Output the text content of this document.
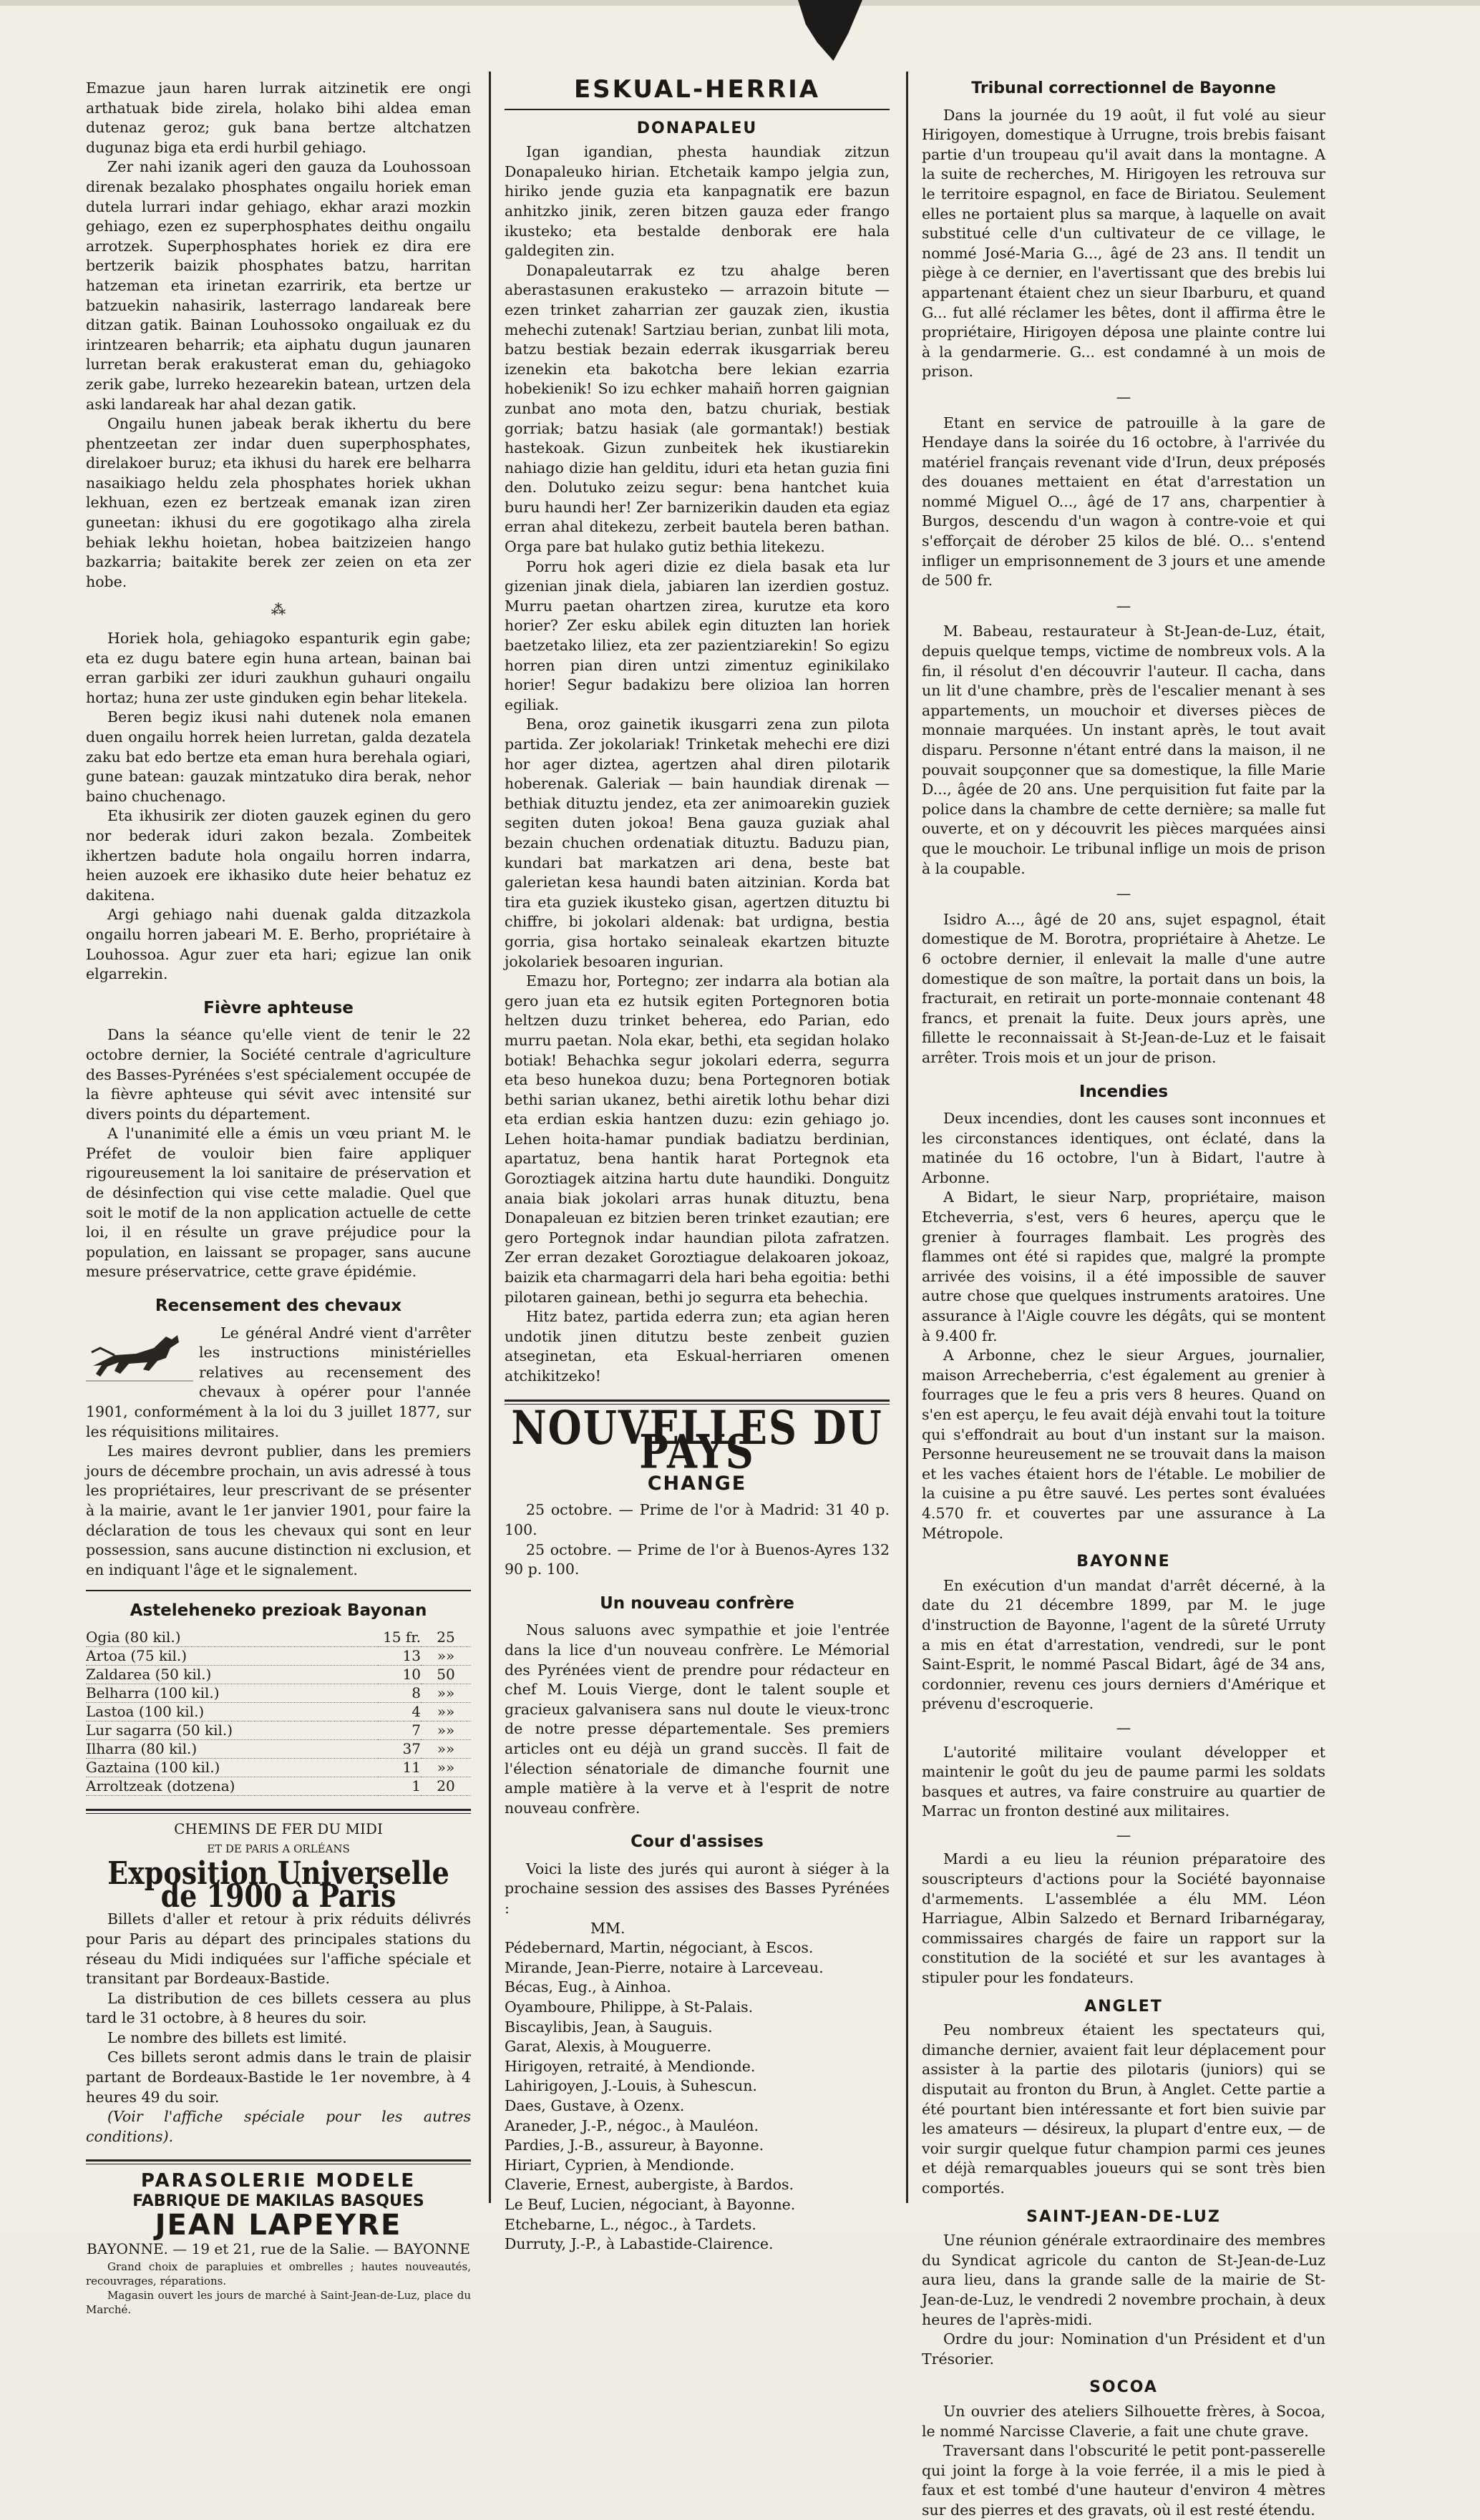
Emazue jaun haren lurrak aitzinetik ere ongi arthatuak bide zirela, holako bihi aldea eman dutenaz geroz; guk bana bertze altchatzen dugunaz biga eta erdi hurbil gehiago.

Zer nahi izanik ageri den gauza da Louhossoan direnak bezalako phosphates ongailu horiek eman dutela lurrari indar gehiago, ekhar arazi mozkin gehiago, ezen ez superphosphates deithu ongailu arrotzek. Superphosphates horiek ez dira ere bertzerik baizik phosphates batzu, harritan hatzeman eta irinetan ezarririk, eta bertze ur batzuekin nahasirik, lasterrago landareak bere ditzan gatik. Bainan Louhossoko ongailuak ez du irintzearen beharrik; eta aiphatu dugun jaunaren lurretan berak erakusterat eman du, gehiagoko zerik gabe, lurreko hezearekin batean, urtzen dela aski landareak har ahal dezan gatik.

Ongailu hunen jabeak berak ikhertu du bere phentzeetan zer indar duen superphosphates, direlakoer buruz; eta ikhusi du harek ere belharra nasaikiago heldu zela phosphates horiek ukhan lekhuan, ezen ez bertzeak emanak izan ziren guneetan: ikhusi du ere gogotikago alha zirela behiak lekhu hoietan, hobea baitzizeien hango bazkarria; baitakite berek zer zeien on eta zer hobe.

⁂

Horiek hola, gehiagoko espanturik egin gabe; eta ez dugu batere egin huna artean, bainan bai erran garbiki zer iduri zaukhun guhauri ongailu hortaz; huna zer uste ginduken egin behar litekela.

Beren begiz ikusi nahi dutenek nola emanen duen ongailu horrek heien lurretan, galda dezatela zaku bat edo bertze eta eman hura berehala ogiari, gune batean: gauzak mintzatuko dira berak, nehor baino chuchenago.

Eta ikhusirik zer dioten gauzek eginen du gero nor bederak iduri zakon bezala. Zombeitek ikhertzen badute hola ongailu horren indarra, heien auzoek ere ikhasiko dute heier behatuz ez dakitena.

Argi gehiago nahi duenak galda ditzazkola ongailu horren jabeari M. E. Berho, propriétaire à Louhossoa. Agur zuer eta hari; egizue lan onik elgarrekin.

Fièvre aphteuse

Dans la séance qu'elle vient de tenir le 22 octobre dernier, la Société centrale d'agriculture des Basses-Pyrénées s'est spécialement occupée de la fièvre aphteuse qui sévit avec intensité sur divers points du département.

A l'unanimité elle a émis un vœu priant M. le Préfet de vouloir bien faire appliquer rigoureusement la loi sanitaire de préservation et de désinfection qui vise cette maladie. Quel que soit le motif de la non application actuelle de cette loi, il en résulte un grave préjudice pour la population, en laissant se propager, sans aucune mesure préservatrice, cette grave épidémie.

Recensement des chevaux

Le général André vient d'arrêter les instructions ministérielles relatives au recensement des chevaux à opérer pour l'année 1901, conformément à la loi du 3 juillet 1877, sur les réquisitions militaires.

Les maires devront publier, dans les premiers jours de décembre prochain, un avis adressé à tous les propriétaires, leur prescrivant de se présenter à la mairie, avant le 1er janvier 1901, pour faire la déclaration de tous les chevaux qui sont en leur possession, sans aucune distinction ni exclusion, et en indiquant l'âge et le signalement.

Asteleheneko prezioak Bayonan
Ogia (80 kil.)	15 fr.	25
Artoa (75 kil.)	13	»»
Zaldarea (50 kil.)	10	50
Belharra (100 kil.)	8	»»
Lastoa (100 kil.)	4	»»
Lur sagarra (50 kil.)	7	»»
Ilharra (80 kil.)	37	»»
Gaztaina (100 kil.)	11	»»
Arroltzeak (dotzena)	1	20
CHEMINS DE FER DU MIDI
ET DE PARIS A ORLÉANS
Exposition Universelle de 1900 à Paris

Billets d'aller et retour à prix réduits délivrés pour Paris au départ des principales stations du réseau du Midi indiquées sur l'affiche spéciale et transitant par Bordeaux-Bastide.

La distribution de ces billets cessera au plus tard le 31 octobre, à 8 heures du soir.

Le nombre des billets est limité.

Ces billets seront admis dans le train de plaisir partant de Bordeaux-Bastide le 1er novembre, à 4 heures 49 du soir.

(Voir l'affiche spéciale pour les autres conditions).

PARASOLERIE MODELE
FABRIQUE DE MAKILAS BASQUES
JEAN LAPEYRE
BAYONNE. — 19 et 21, rue de la Salie. — BAYONNE

Grand choix de parapluies et ombrelles ; hautes nouveautés, recouvrages, réparations.

Magasin ouvert les jours de marché à Saint-Jean-de-Luz, place du Marché.

ESKUAL-HERRIA
DONAPALEU

Igan igandian, phesta haundiak zitzun Donapaleuko hirian. Etchetaik kampo jelgia zun, hiriko jende guzia eta kanpagnatik ere bazun anhitzko jinik, zeren bitzen gauza eder frango ikusteko; eta bestalde denborak ere hala galdegiten zin.

Donapaleutarrak ez tzu ahalge beren aberastasunen erakusteko — arrazoin bitute — ezen trinket zaharrian zer gauzak zien, ikustia mehechi zutenak! Sartziau berian, zunbat lili mota, batzu bestiak bezain ederrak ikusgarriak bereu izenekin eta bakotcha bere lekian ezarria hobekienik! So izu echker mahaiñ horren gaignian zunbat ano mota den, batzu churiak, bestiak gorriak; batzu hasiak (ale gormantak!) bestiak hastekoak. Gizun zunbeitek hek ikustiarekin nahiago dizie han gelditu, iduri eta hetan guzia fini den. Dolutuko zeizu segur: bena hantchet kuia buru haundi her! Zer barnizerikin dauden eta egiaz erran ahal ditekezu, zerbeit bautela beren bathan. Orga pare bat hulako gutiz bethia litekezu.

Porru hok ageri dizie ez diela basak eta lur gizenian jinak diela, jabiaren lan izerdien gostuz. Murru paetan ohartzen zirea, kurutze eta koro horier? Zer esku abilek egin dituzten lan horiek baetzetako liliez, eta zer pazientziarekin! So egizu horren pian diren untzi zimentuz eginikilako horier! Segur badakizu bere olizioa lan horren egiliak.

Bena, oroz gainetik ikusgarri zena zun pilota partida. Zer jokolariak! Trinketak mehechi ere dizi hor ager diztea, agertzen ahal diren pilotarik hoberenak. Galeriak — bain haundiak direnak — bethiak dituztu jendez, eta zer animoarekin guziek segiten duten jokoa! Bena gauza guziak ahal bezain chuchen ordenatiak dituztu. Baduzu pian, kundari bat markatzen ari dena, beste bat galerietan kesa haundi baten aitzinian. Korda bat tira eta guziek ikusteko gisan, agertzen dituztu bi chiffre, bi jokolari aldenak: bat urdigna, bestia gorria, gisa hortako seinaleak ekartzen bituzte jokolariek besoaren ingurian.

Emazu hor, Portegno; zer indarra ala botian ala gero juan eta ez hutsik egiten Portegnoren botia heltzen duzu trinket beherea, edo Parian, edo murru paetan. Nola ekar, bethi, eta segidan holako botiak! Behachka segur jokolari ederra, segurra eta beso hunekoa duzu; bena Portegnoren botiak bethi sarian ukanez, bethi airetik lothu behar dizi eta erdian eskia hantzen duzu: ezin gehiago jo. Lehen hoita-hamar pundiak badiatzu berdinian, apartatuz, bena hantik harat Portegnok eta Goroztiagek aitzina hartu dute haundiki. Donguitz anaia biak jokolari arras hunak dituztu, bena Donapaleuan ez bitzien beren trinket ezautian; ere gero Portegnok indar haundian pilota zafratzen. Zer erran dezaket Goroztiague delakoaren jokoaz, baizik eta charmagarri dela hari beha egoitia: bethi pilotaren gainean, bethi jo segurra eta behechia.

Hitz batez, partida ederra zun; eta agian heren undotik jinen ditutzu beste zenbeit guzien atseginetan, eta Eskual-herriaren omenen atchikitzeko!

NOUVELLES DU PAYS
CHANGE

25 octobre. — Prime de l'or à Madrid: 31 40 p. 100.

25 octobre. — Prime de l'or à Buenos-Ayres 132 90 p. 100.

Un nouveau confrère

Nous saluons avec sympathie et joie l'entrée dans la lice d'un nouveau confrère. Le Mémorial des Pyrénées vient de prendre pour rédacteur en chef M. Louis Vierge, dont le talent souple et gracieux galvanisera sans nul doute le vieux-tronc de notre presse départementale. Ses premiers articles ont eu déjà un grand succès. Il fait de l'élection sénatoriale de dimanche fournit une ample matière à la verve et à l'esprit de notre nouveau confrère.

Cour d'assises

Voici la liste des jurés qui auront à siéger à la prochaine session des assises des Basses Pyrénées :

MM.

Pédebernard, Martin, négociant, à Escos.

Mirande, Jean-Pierre, notaire à Larceveau.

Bécas, Eug., à Ainhoa.

Oyamboure, Philippe, à St-Palais.

Biscaylibis, Jean, à Sauguis.

Garat, Alexis, à Mouguerre.

Hirigoyen, retraité, à Mendionde.

Lahirigoyen, J.-Louis, à Suhescun.

Daes, Gustave, à Ozenx.

Araneder, J.-P., négoc., à Mauléon.

Pardies, J.-B., assureur, à Bayonne.

Hiriart, Cyprien, à Mendionde.

Claverie, Ernest, aubergiste, à Bardos.

Le Beuf, Lucien, négociant, à Bayonne.

Etchebarne, L., négoc., à Tardets.

Durruty, J.-P., à Labastide-Clairence.

Tribunal correctionnel de Bayonne

Dans la journée du 19 août, il fut volé au sieur Hirigoyen, domestique à Urrugne, trois brebis faisant partie d'un troupeau qu'il avait dans la montagne. A la suite de recherches, M. Hirigoyen les retrouva sur le territoire espagnol, en face de Biriatou. Seulement elles ne portaient plus sa marque, à laquelle on avait substitué celle d'un cultivateur de ce village, le nommé José-Maria G..., âgé de 23 ans. Il tendit un piège à ce dernier, en l'avertissant que des brebis lui appartenant étaient chez un sieur Ibarburu, et quand G... fut allé réclamer les bêtes, dont il affirma être le propriétaire, Hirigoyen déposa une plainte contre lui à la gendarmerie. G... est condamné à un mois de prison.

—

Etant en service de patrouille à la gare de Hendaye dans la soirée du 16 octobre, à l'arrivée du matériel français revenant vide d'Irun, deux préposés des douanes mettaient en état d'arrestation un nommé Miguel O..., âgé de 17 ans, charpentier à Burgos, descendu d'un wagon à contre-voie et qui s'efforçait de dérober 25 kilos de blé. O... s'entend infliger un emprisonnement de 3 jours et une amende de 500 fr.

—

M. Babeau, restaurateur à St-Jean-de-Luz, était, depuis quelque temps, victime de nombreux vols. A la fin, il résolut d'en découvrir l'auteur. Il cacha, dans un lit d'une chambre, près de l'escalier menant à ses appartements, un mouchoir et diverses pièces de monnaie marquées. Un instant après, le tout avait disparu. Personne n'étant entré dans la maison, il ne pouvait soupçonner que sa domestique, la fille Marie D..., âgée de 20 ans. Une perquisition fut faite par la police dans la chambre de cette dernière; sa malle fut ouverte, et on y découvrit les pièces marquées ainsi que le mouchoir. Le tribunal inflige un mois de prison à la coupable.

—

Isidro A..., âgé de 20 ans, sujet espagnol, était domestique de M. Borotra, propriétaire à Ahetze. Le 6 octobre dernier, il enlevait la malle d'une autre domestique de son maître, la portait dans un bois, la fracturait, en retirait un porte-monnaie contenant 48 francs, et prenait la fuite. Deux jours après, une fillette le reconnaissait à St-Jean-de-Luz et le faisait arrêter. Trois mois et un jour de prison.

Incendies

Deux incendies, dont les causes sont inconnues et les circonstances identiques, ont éclaté, dans la matinée du 16 octobre, l'un à Bidart, l'autre à Arbonne.

A Bidart, le sieur Narp, propriétaire, maison Etcheverria, s'est, vers 6 heures, aperçu que le grenier à fourrages flambait. Les progrès des flammes ont été si rapides que, malgré la prompte arrivée des voisins, il a été impossible de sauver autre chose que quelques instruments aratoires. Une assurance à l'Aigle couvre les dégâts, qui se montent à 9.400 fr.

A Arbonne, chez le sieur Argues, journalier, maison Arrecheberria, c'est également au grenier à fourrages que le feu a pris vers 8 heures. Quand on s'en est aperçu, le feu avait déjà envahi tout la toiture qui s'effondrait au bout d'un instant sur la maison. Personne heureusement ne se trouvait dans la maison et les vaches étaient hors de l'étable. Le mobilier de la cuisine a pu être sauvé. Les pertes sont évaluées 4.570 fr. et couvertes par une assurance à La Métropole.

BAYONNE

En exécution d'un mandat d'arrêt décerné, à la date du 21 décembre 1899, par M. le juge d'instruction de Bayonne, l'agent de la sûreté Urruty a mis en état d'arrestation, vendredi, sur le pont Saint-Esprit, le nommé Pascal Bidart, âgé de 34 ans, cordonnier, revenu ces jours derniers d'Amérique et prévenu d'escroquerie.

—

L'autorité militaire voulant développer et maintenir le goût du jeu de paume parmi les soldats basques et autres, va faire construire au quartier de Marrac un fronton destiné aux militaires.

—

Mardi a eu lieu la réunion préparatoire des souscripteurs d'actions pour la Société bayonnaise d'armements. L'assemblée a élu MM. Léon Harriague, Albin Salzedo et Bernard Iribarnégaray, commissaires chargés de faire un rapport sur la constitution de la société et sur les avantages à stipuler pour les fondateurs.

ANGLET

Peu nombreux étaient les spectateurs qui, dimanche dernier, avaient fait leur déplacement pour assister à la partie des pilotaris (juniors) qui se disputait au fronton du Brun, à Anglet. Cette partie a été pourtant bien intéressante et fort bien suivie par les amateurs — désireux, la plupart d'entre eux, — de voir surgir quelque futur champion parmi ces jeunes et déjà remarquables joueurs qui se sont très bien comportés.

SAINT-JEAN-DE-LUZ

Une réunion générale extraordinaire des membres du Syndicat agricole du canton de St-Jean-de-Luz aura lieu, dans la grande salle de la mairie de St-Jean-de-Luz, le vendredi 2 novembre prochain, à deux heures de l'après-midi.

Ordre du jour: Nomination d'un Président et d'un Trésorier.

SOCOA

Un ouvrier des ateliers Silhouette frères, à Socoa, le nommé Narcisse Claverie, a fait une chute grave.

Traversant dans l'obscurité le petit pont-passerelle qui joint la forge à la voie ferrée, il a mis le pied à faux et est tombé d'une hauteur d'environ 4 mètres sur des pierres et des gravats, où il est resté étendu.
